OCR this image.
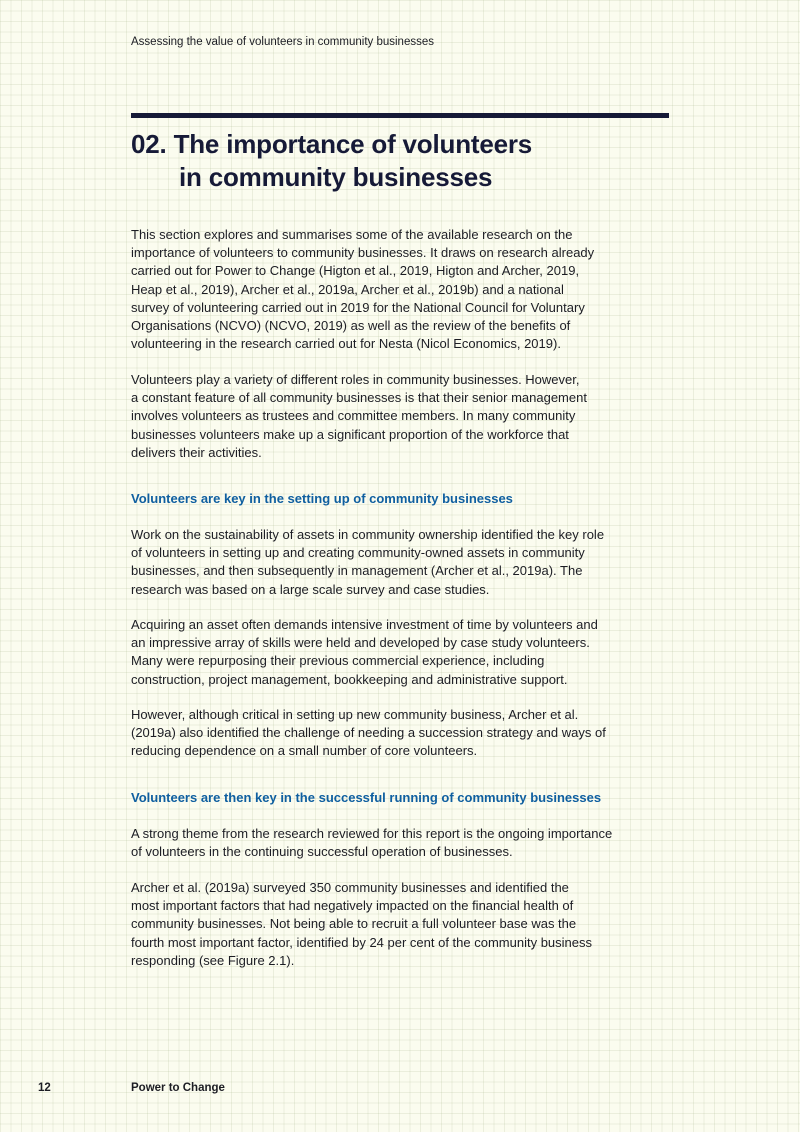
Assessing the value of volunteers in community businesses
02. The importance of volunteers
in community businesses

This section explores and summarises some of the available research on the
importance of volunteers to community businesses. It draws on research already
carried out for Power to Change (Higton et al., 2019, Higton and Archer, 2019,
Heap et al., 2019), Archer et al., 2019a, Archer et al., 2019b) and a national
survey of volunteering carried out in 2019 for the National Council for Voluntary
Organisations (NCVO) (NCVO, 2019) as well as the review of the benefits of
volunteering in the research carried out for Nesta (Nicol Economics, 2019).

Volunteers play a variety of different roles in community businesses. However,
a constant feature of all community businesses is that their senior management
involves volunteers as trustees and committee members. In many community
businesses volunteers make up a significant proportion of the workforce that
delivers their activities.

Volunteers are key in the setting up of community businesses

Work on the sustainability of assets in community ownership identified the key role
of volunteers in setting up and creating community-owned assets in community
businesses, and then subsequently in management (Archer et al., 2019a). The
research was based on a large scale survey and case studies.

Acquiring an asset often demands intensive investment of time by volunteers and
an impressive array of skills were held and developed by case study volunteers.
Many were repurposing their previous commercial experience, including
construction, project management, bookkeeping and administrative support.

However, although critical in setting up new community business, Archer et al.
(2019a) also identified the challenge of needing a succession strategy and ways of
reducing dependence on a small number of core volunteers.

Volunteers are then key in the successful running of community businesses

A strong theme from the research reviewed for this report is the ongoing importance
of volunteers in the continuing successful operation of businesses.

Archer et al. (2019a) surveyed 350 community businesses and identified the
most important factors that had negatively impacted on the financial health of
community businesses. Not being able to recruit a full volunteer base was the
fourth most important factor, identified by 24 per cent of the community business
responding (see Figure 2.1).

12	Power to Change
